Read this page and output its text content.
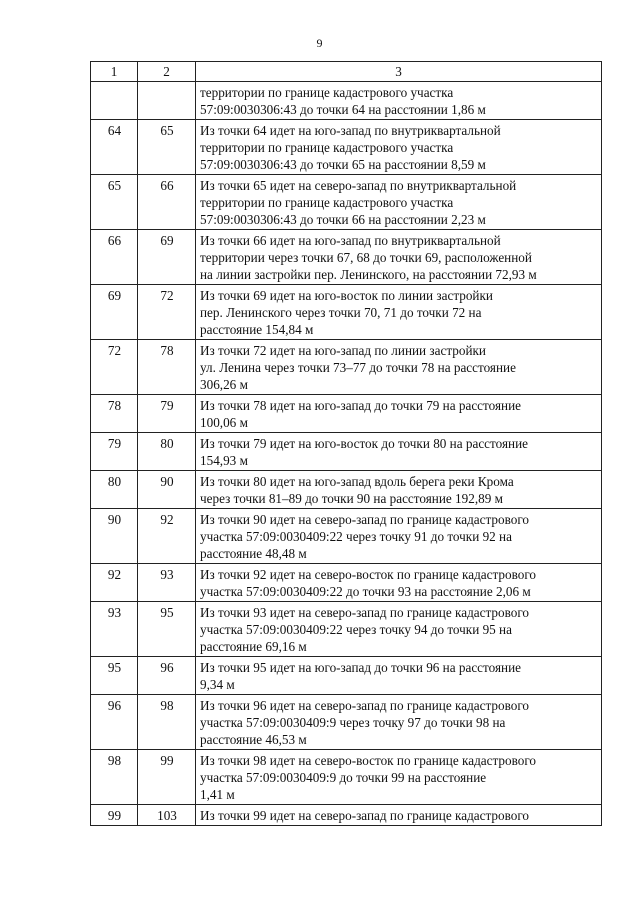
9
1	2	3

		территории по границе кадастрового участка
57:09:0030306:43 до точки 64 на расстоянии 1,86 м

64	65	Из точки 64 идет на юго-запад по внутриквартальной
территории по границе кадастрового участка
57:09:0030306:43 до точки 65 на расстоянии 8,59 м

65	66	Из точки 65 идет на северо-запад по внутриквартальной
территории по границе кадастрового участка
57:09:0030306:43 до точки 66 на расстоянии 2,23 м

66	69	Из точки 66 идет на юго-запад по внутриквартальной
территории через точки 67, 68 до точки 69, расположенной
на линии застройки пер. Ленинского, на расстоянии 72,93 м

69	72	Из точки 69 идет на юго-восток по линии застройки
пер. Ленинского через точки 70, 71 до точки 72 на
расстояние 154,84 м

72	78	Из точки 72 идет на юго-запад по линии застройки
ул. Ленина через точки 73–77 до точки 78 на расстояние
306,26 м

78	79	Из точки 78 идет на юго-запад до точки 79 на расстояние
100,06 м

79	80	Из точки 79 идет на юго-восток до точки 80 на расстояние
154,93 м

80	90	Из точки 80 идет на юго-запад вдоль берега реки Крома
через точки 81–89 до точки 90 на расстояние 192,89 м

90	92	Из точки 90 идет на северо-запад по границе кадастрового
участка 57:09:0030409:22 через точку 91 до точки 92 на
расстояние 48,48 м

92	93	Из точки 92 идет на северо-восток по границе кадастрового
участка 57:09:0030409:22 до точки 93 на расстояние 2,06 м

93	95	Из точки 93 идет на северо-запад по границе кадастрового
участка 57:09:0030409:22 через точку 94 до точки 95 на
расстояние 69,16 м

95	96	Из точки 95 идет на юго-запад до точки 96 на расстояние
9,34 м

96	98	Из точки 96 идет на северо-запад по границе кадастрового
участка 57:09:0030409:9 через точку 97 до точки 98 на
расстояние 46,53 м

98	99	Из точки 98 идет на северо-восток по границе кадастрового
участка 57:09:0030409:9 до точки 99 на расстояние
1,41 м

99	103	Из точки 99 идет на северо-запад по границе кадастрового
